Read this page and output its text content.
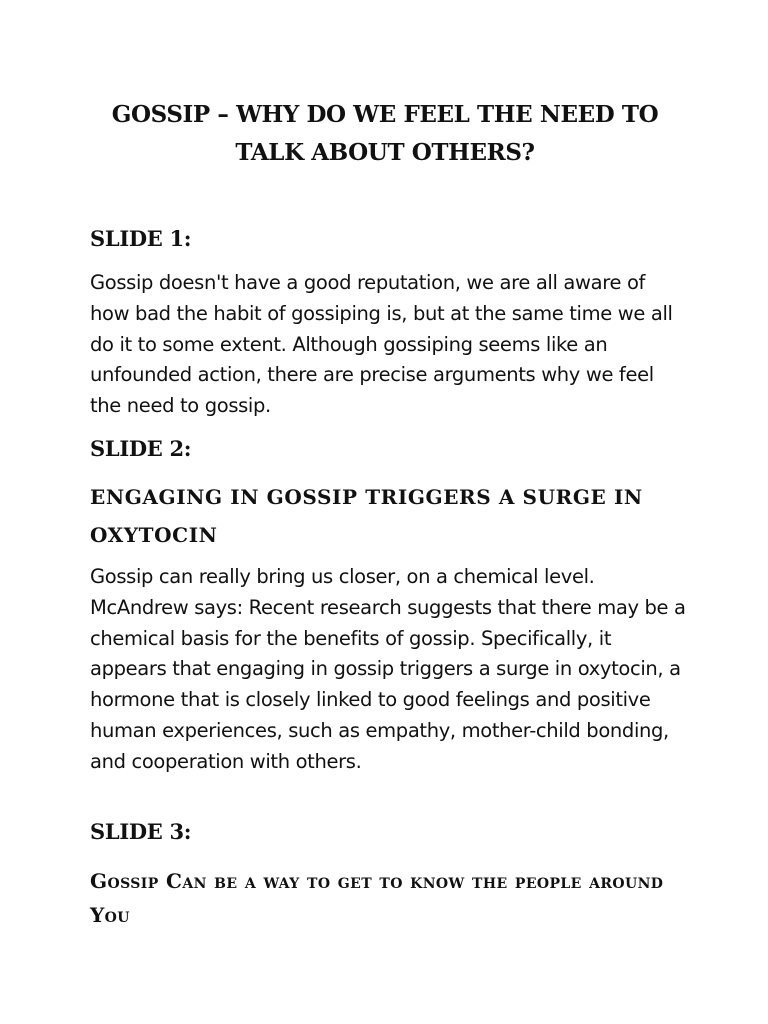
GOSSIP – WHY DO WE FEEL THE NEED TO TALK ABOUT OTHERS?
SLIDE 1:

Gossip doesn't have a good reputation, we are all aware of how bad the habit of gossiping is, but at the same time we all do it to some extent. Although gossiping seems like an unfounded action, there are precise arguments why we feel the need to gossip.

SLIDE 2:
ENGAGING IN GOSSIP TRIGGERS A SURGE IN OXYTOCIN

Gossip can really bring us closer, on a chemical level. McAndrew says: Recent research suggests that there may be a chemical basis for the benefits of gossip. Specifically, it appears that engaging in gossip triggers a surge in oxytocin, a hormone that is closely linked to good feelings and positive human experiences, such as empathy, mother-child bonding, and cooperation with others.

SLIDE 3:
Gossip Can be a way to get to know the people around You
